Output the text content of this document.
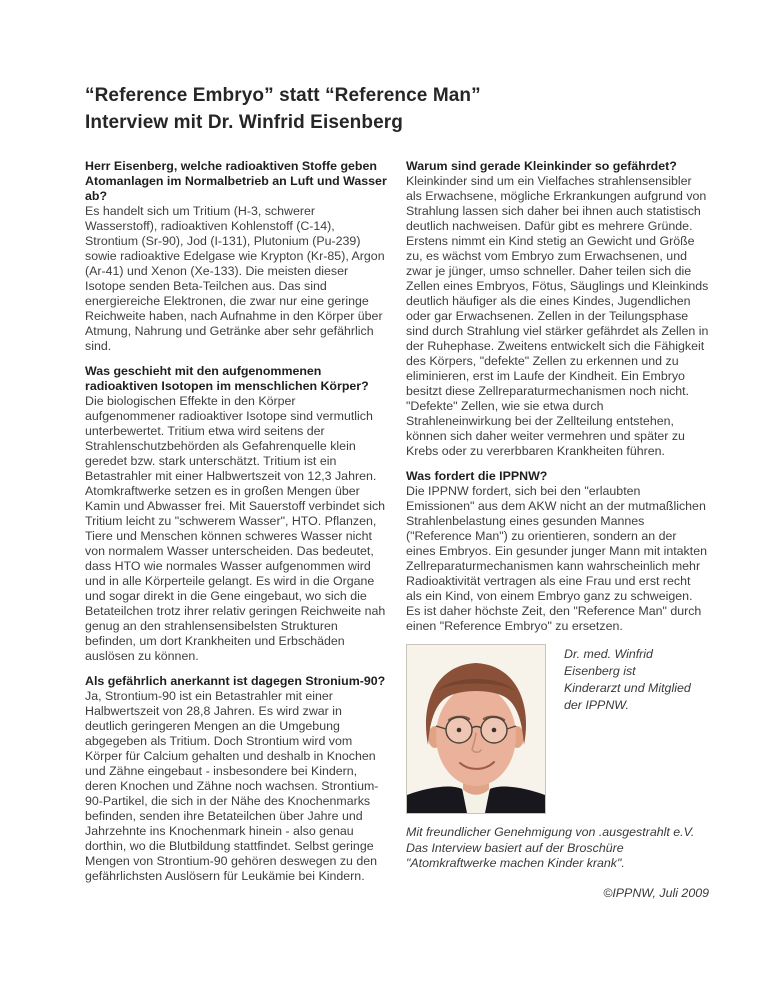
“Reference Embryo” statt “Reference Man”
Interview mit Dr. Winfrid Eisenberg
Herr Eisenberg, welche radioaktiven Stoffe geben Atomanlagen im Normalbetrieb an Luft und Wasser ab?
Es handelt sich um Tritium (H-3, schwerer Wasserstoff), radioaktiven Kohlenstoff (C-14), Strontium (Sr-90), Jod (I-131), Plutonium (Pu-239) sowie radioaktive Edelgase wie Krypton (Kr-85), Argon (Ar-41) und Xenon (Xe-133). Die meisten dieser Isotope senden Beta-Teilchen aus. Das sind energiereiche Elektronen, die zwar nur eine geringe Reichweite haben, nach Aufnahme in den Körper über Atmung, Nahrung und Getränke aber sehr gefährlich sind.
Was geschieht mit den aufgenommenen radioaktiven Isotopen im menschlichen Körper?
Die biologischen Effekte in den Körper aufgenommener radioaktiver Isotope sind vermutlich unterbewertet. Tritium etwa wird seitens der Strahlenschutzbehörden als Gefahrenquelle klein geredet bzw. stark unterschätzt. Tritium ist ein Betastrahler mit einer Halbwertszeit von 12,3 Jahren. Atomkraftwerke setzen es in großen Mengen über Kamin und Abwasser frei. Mit Sauerstoff verbindet sich Tritium leicht zu "schwerem Wasser", HTO. Pflanzen, Tiere und Menschen können schweres Wasser nicht von normalem Wasser unterscheiden. Das bedeutet, dass HTO wie normales Wasser aufgenommen wird und in alle Körperteile gelangt. Es wird in die Organe und sogar direkt in die Gene eingebaut, wo sich die Betateilchen trotz ihrer relativ geringen Reichweite nah genug an den strahlensensibelsten Strukturen befinden, um dort Krankheiten und Erbschäden auslösen zu können.
Als gefährlich anerkannt ist dagegen Stronium-90?
Ja, Strontium-90 ist ein Betastrahler mit einer Halbwertszeit von 28,8 Jahren. Es wird zwar in deutlich geringeren Mengen an die Umgebung abgegeben als Tritium. Doch Strontium wird vom Körper für Calcium gehalten und deshalb in Knochen und Zähne eingebaut - insbesondere bei Kindern, deren Knochen und Zähne noch wachsen. Strontium-90-Partikel, die sich in der Nähe des Knochenmarks befinden, senden ihre Betateilchen über Jahre und Jahrzehnte ins Knochenmark hinein - also genau dorthin, wo die Blutbildung stattfindet. Selbst geringe Mengen von Strontium-90 gehören deswegen zu den gefährlichsten Auslösern für Leukämie bei Kindern.
Warum sind gerade Kleinkinder so gefährdet?
Kleinkinder sind um ein Vielfaches strahlensensibler als Erwachsene, mögliche Erkrankungen aufgrund von Strahlung lassen sich daher bei ihnen auch statistisch deutlich nachweisen. Dafür gibt es mehrere Gründe. Erstens nimmt ein Kind stetig an Gewicht und Größe zu, es wächst vom Embryo zum Erwachsenen, und zwar je jünger, umso schneller. Daher teilen sich die Zellen eines Embryos, Fötus, Säuglings und Kleinkinds deutlich häufiger als die eines Kindes, Jugendlichen oder gar Erwachsenen. Zellen in der Teilungsphase sind durch Strahlung viel stärker gefährdet als Zellen in der Ruhephase. Zweitens entwickelt sich die Fähigkeit des Körpers, "defekte" Zellen zu erkennen und zu eliminieren, erst im Laufe der Kindheit. Ein Embryo besitzt diese Zellreparaturmechanismen noch nicht. "Defekte" Zellen, wie sie etwa durch Strahleneinwirkung bei der Zellteilung entstehen, können sich daher weiter vermehren und später zu Krebs oder zu vererbbaren Krankheiten führen.
Was fordert die IPPNW?
Die IPPNW fordert, sich bei den "erlaubten Emissionen" aus dem AKW nicht an der mutmaßlichen Strahlenbelastung eines gesunden Mannes ("Reference Man") zu orientieren, sondern an der eines Embryos. Ein gesunder junger Mann mit intakten Zellreparaturmechanismen kann wahrscheinlich mehr Radioaktivität vertragen als eine Frau und erst recht als ein Kind, von einem Embryo ganz zu schweigen. Es ist daher höchste Zeit, den "Reference Man" durch einen "Reference Embryo" zu ersetzen.
Dr. med. Winfrid Eisenberg ist Kinderarzt und Mitglied der IPPNW.
Mit freundlicher Genehmigung von .ausgestrahlt e.V. Das Interview basiert auf der Broschüre "Atomkraftwerke machen Kinder krank".
©IPPNW, Juli 2009
